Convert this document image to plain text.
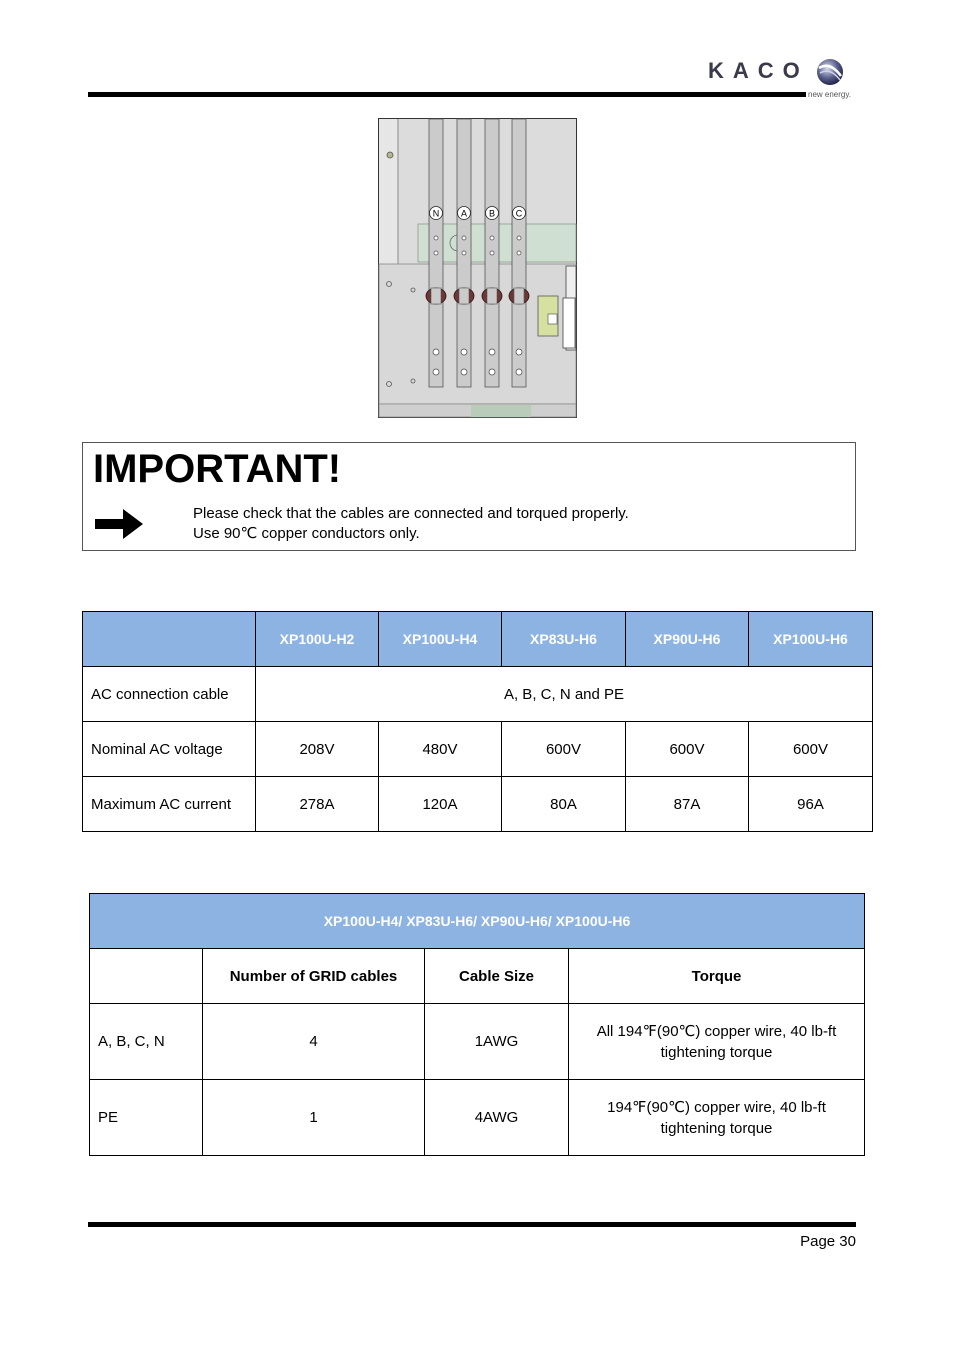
KACO
new energy.
N A B C
IMPORTANT!
Please check that the cables are connected and torqued properly.
Use 90℃ copper conductors only.
	XP100U-H2	XP100U-H4	XP83U-H6	XP90U-H6	XP100U-H6
AC connection cable	A, B, C, N and PE				
Nominal AC voltage	208V	480V	600V	600V	600V
Maximum AC current	278A	120A	80A	87A	96A
XP100U-H4/ XP83U-H6/ XP90U-H6/ XP100U-H6			
	Number of GRID cables	Cable Size	Torque
A, B, C, N	4	1AWG	All 194℉(90℃) copper wire, 40 lb-ft
tightening torque
PE	1	4AWG	194℉(90℃) copper wire, 40 lb-ft
tightening torque
Page 30
